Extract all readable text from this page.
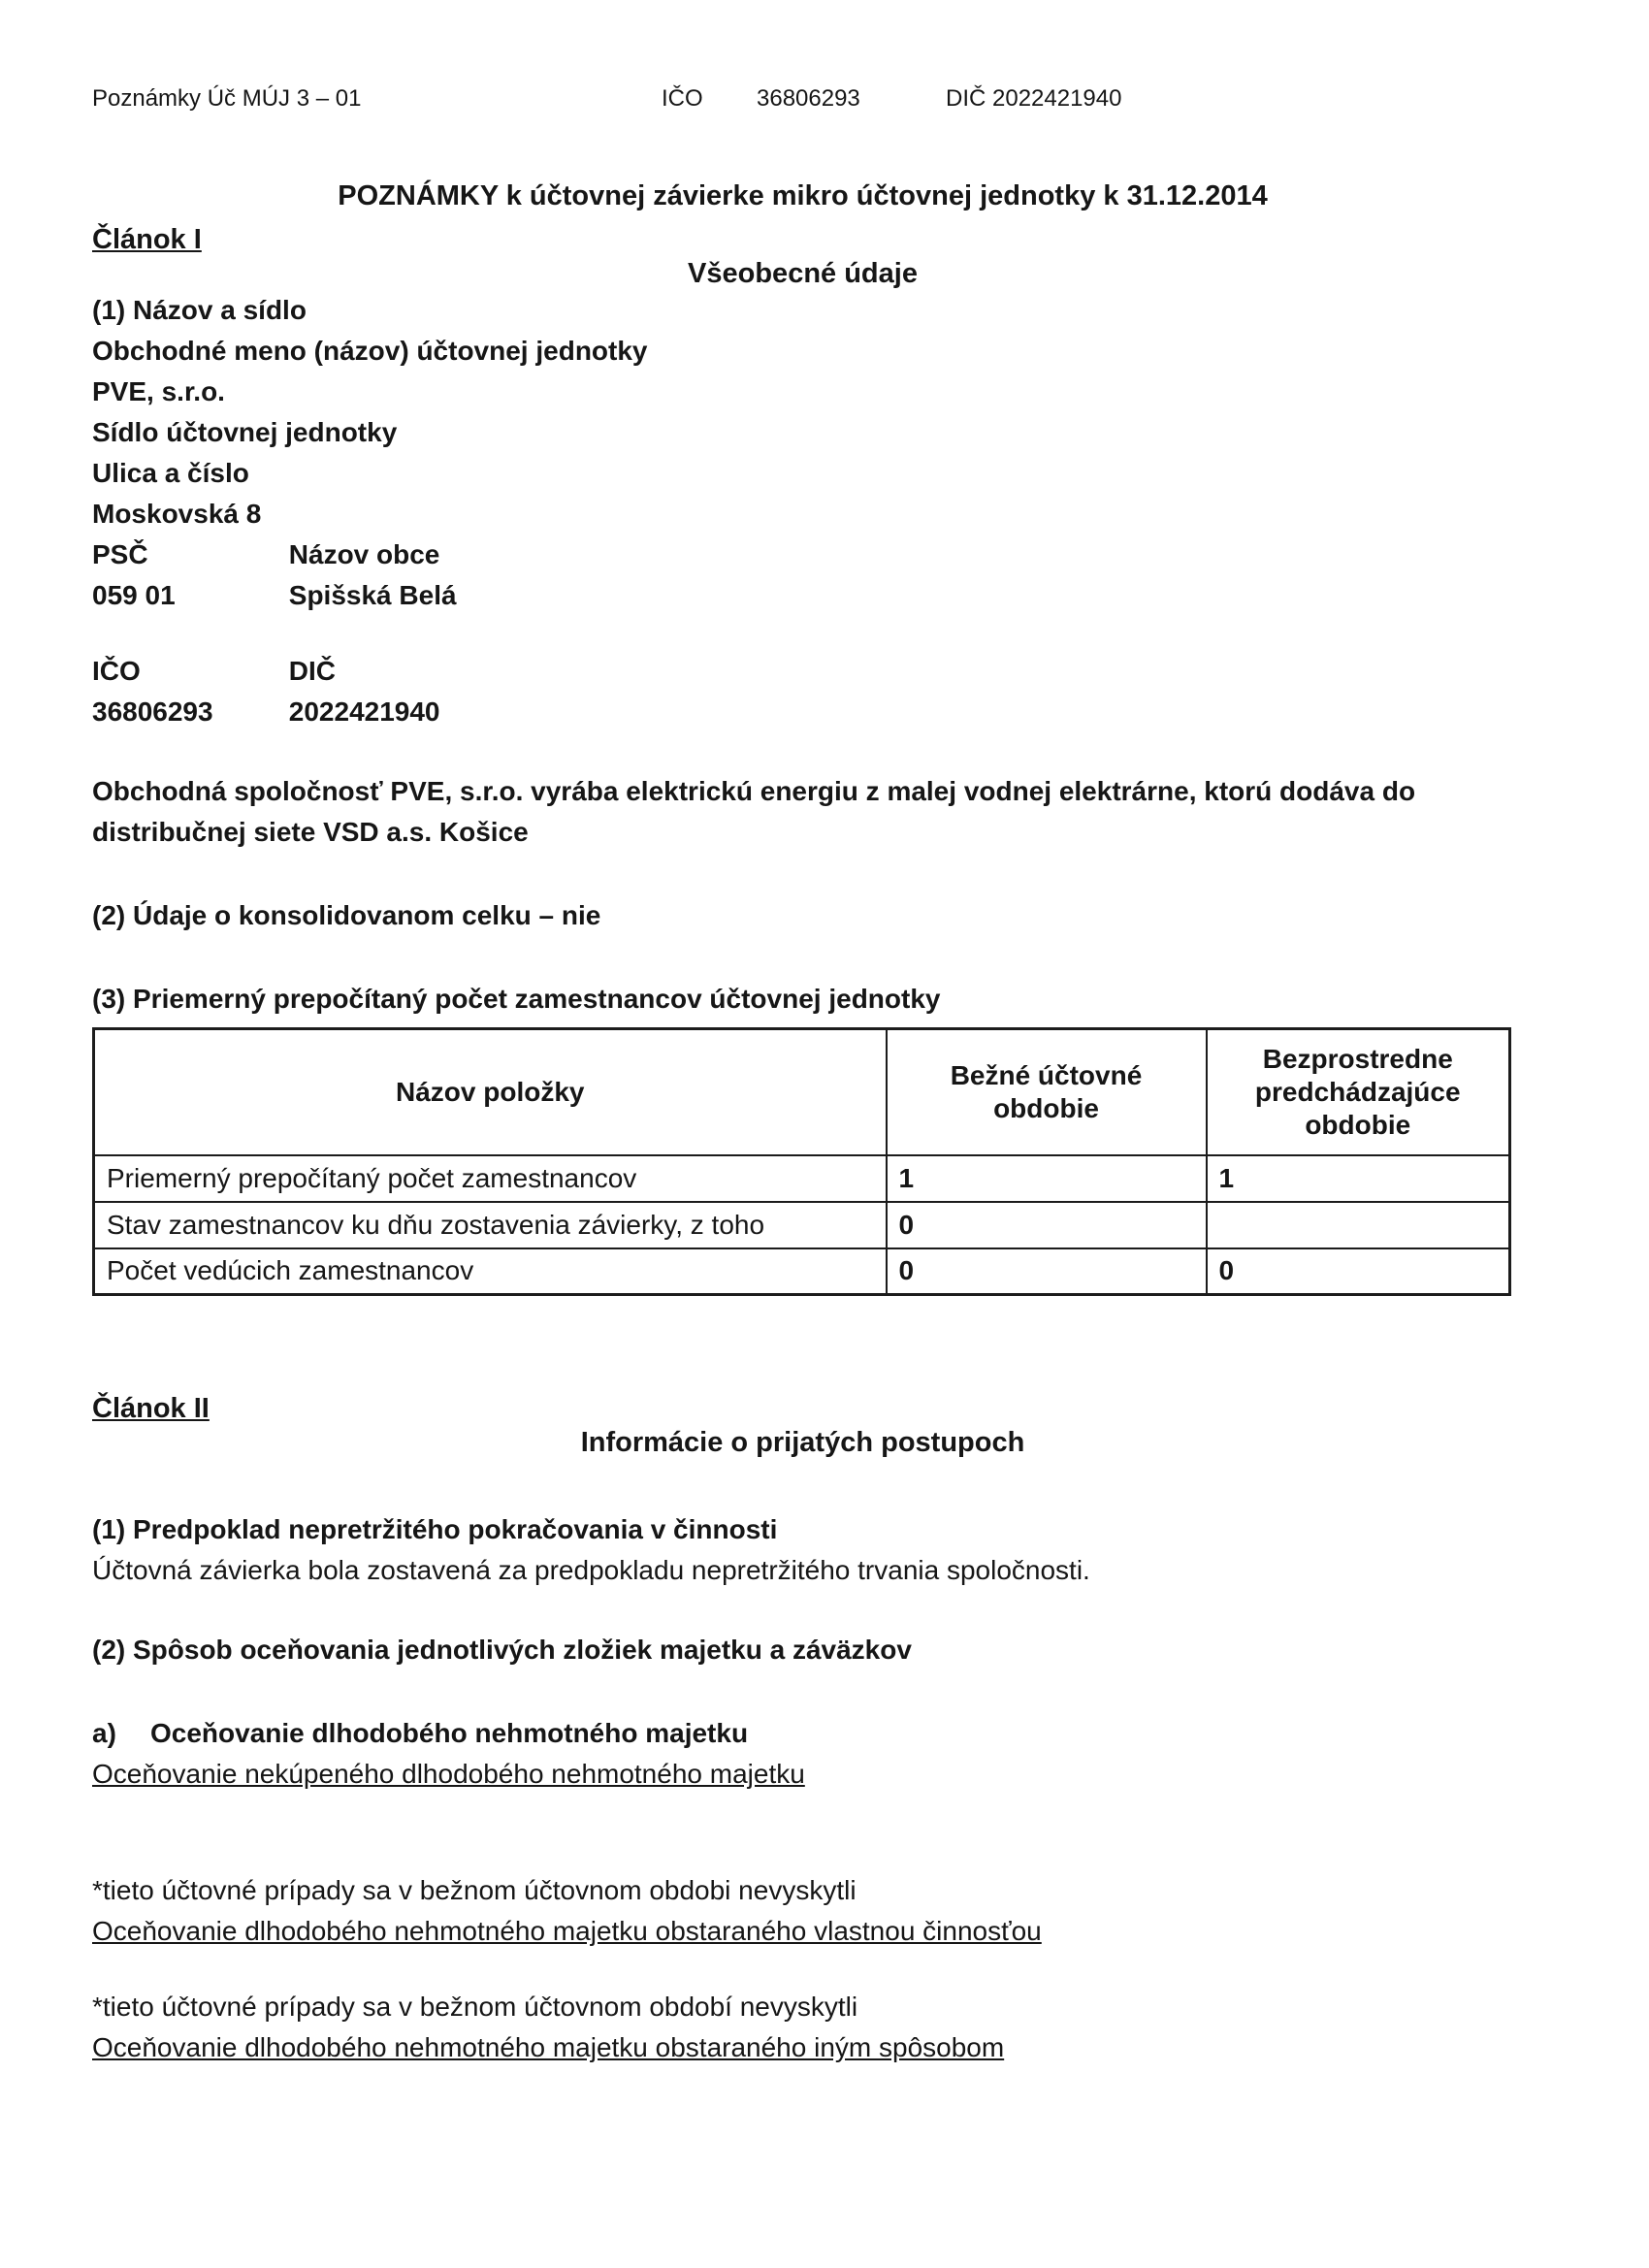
Poznámky Úč MÚJ 3 – 01	IČO 36806293	DIČ 2022421940
POZNÁMKY k účtovnej závierke mikro účtovnej jednotky k 31.12.2014
Článok I
Všeobecné údaje
(1) Názov a sídlo
Obchodné meno (názov) účtovnej jednotky
PVE, s.r.o.
Sídlo účtovnej jednotky
Ulica a číslo
Moskovská 8
PSČ	Názov obce
059 01	Spišská Belá
IČO	DIČ
36806293	2022421940
Obchodná spoločnosť PVE, s.r.o. vyrába elektrickú energiu z malej vodnej elektrárne, ktorú dodáva do distribučnej siete VSD a.s. Košice
(2) Údaje o konsolidovanom celku – nie
(3) Priemerný prepočítaný počet zamestnancov účtovnej jednotky
Názov položky	Bežné účtovné obdobie	Bezprostredne predchádzajúce obdobie
Priemerný prepočítaný počet zamestnancov	1	1
Stav zamestnancov ku dňu zostavenia závierky, z toho	0	
Počet vedúcich zamestnancov	0	0
Článok II
Informácie o prijatých postupoch
(1) Predpoklad nepretržitého pokračovania v činnosti
Účtovná závierka bola zostavená za predpokladu nepretržitého trvania spoločnosti.
(2) Spôsob oceňovania jednotlivých zložiek majetku a záväzkov
a) Oceňovanie dlhodobého nehmotného majetku
Oceňovanie nekúpeného dlhodobého nehmotného majetku
*tieto účtovné prípady sa v bežnom účtovnom obdobi nevyskytli
Oceňovanie dlhodobého nehmotného majetku obstaraného vlastnou činnosťou
*tieto účtovné prípady sa v bežnom účtovnom období nevyskytli
Oceňovanie dlhodobého nehmotného majetku obstaraného iným spôsobom
